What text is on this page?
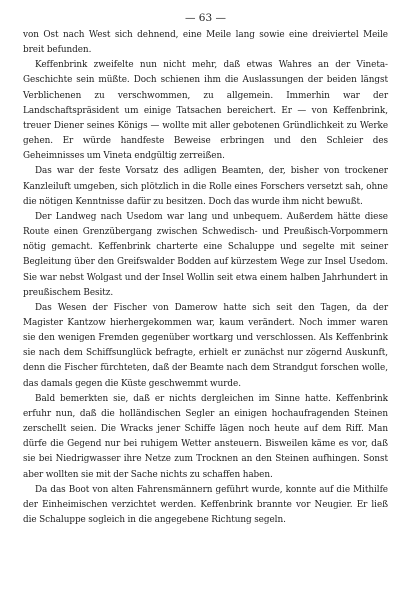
— 63 —

von Ost nach West sich dehnend, eine Meile lang sowie eine dreiviertel Meile breit befunden.

Keffenbrink zweifelte nun nicht mehr, daß etwas Wahres an der Vineta-Geschichte sein müßte. Doch schienen ihm die Auslassungen der beiden längst Verblichenen zu verschwommen, zu allgemein. Immerhin war der Landschaftspräsident um einige Tatsachen bereichert. Er — von Keffenbrink, treuer Diener seines Königs — wollte mit aller gebotenen Gründlichkeit zu Werke gehen. Er würde handfeste Beweise erbringen und den Schleier des Geheimnisses um Vineta endgültig zerreißen.

Das war der feste Vorsatz des adligen Beamten, der, bisher von trockener Kanzleiluft umgeben, sich plötzlich in die Rolle eines Forschers versetzt sah, ohne die nötigen Kenntnisse dafür zu besitzen. Doch das wurde ihm nicht bewußt.

Der Landweg nach Usedom war lang und unbequem. Außerdem hätte diese Route einen Grenzübergang zwischen Schwedisch- und Preußisch-Vorpommern nötig gemacht. Keffenbrink charterte eine Schaluppe und segelte mit seiner Begleitung über den Greifswalder Bodden auf kürzestem Wege zur Insel Usedom. Sie war nebst Wolgast und der Insel Wollin seit etwa einem halben Jahrhundert in preußischem Besitz.

Das Wesen der Fischer von Damerow hatte sich seit den Tagen, da der Magister Kantzow hierhergekommen war, kaum verändert. Noch immer waren sie den wenigen Fremden gegenüber wortkarg und verschlossen. Als Keffenbrink sie nach dem Schiffsunglück befragte, erhielt er zunächst nur zögernd Auskunft, denn die Fischer fürchteten, daß der Beamte nach dem Strandgut forschen wolle, das damals gegen die Küste geschwemmt wurde.

Bald bemerkten sie, daß er nichts dergleichen im Sinne hatte. Keffenbrink erfuhr nun, daß die holländischen Segler an einigen hochaufragenden Steinen zerschellt seien. Die Wracks jener Schiffe lägen noch heute auf dem Riff. Man dürfe die Gegend nur bei ruhigem Wetter ansteuern. Bisweilen käme es vor, daß sie bei Niedrigwasser ihre Netze zum Trocknen an den Steinen aufhingen. Sonst aber wollten sie mit der Sache nichts zu schaffen haben.

Da das Boot von alten Fahrensmännern geführt wurde, konnte auf die Mithilfe der Einheimischen verzichtet werden. Keffenbrink brannte vor Neugier. Er ließ die Schaluppe sogleich in die angegebene Richtung segeln.
